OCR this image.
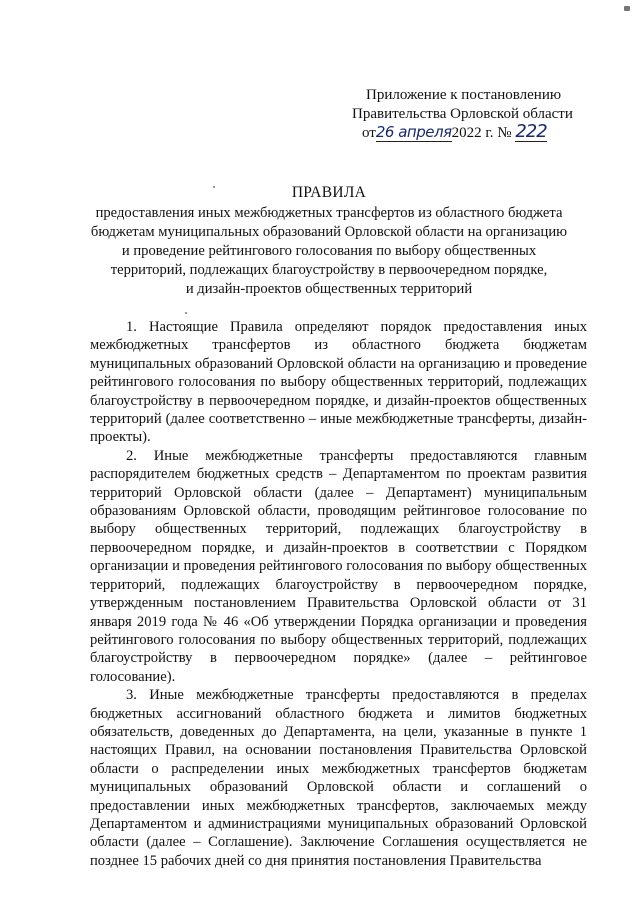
Приложение к постановлению
Правительства Орловской области
от26 апреля2022 г. № 222
ПРАВИЛА
предоставления иных межбюджетных трансфертов из областного бюджета
бюджетам муниципальных образований Орловской области на организацию
и проведение рейтингового голосования по выбору общественных
территорий, подлежащих благоустройству в первоочередном порядке,
и дизайн-проектов общественных территорий

1. Настоящие Правила определяют порядок предоставления иных межбюджетных трансфертов из областного бюджета бюджетам муниципальных образований Орловской области на организацию и проведение рейтингового голосования по выбору общественных территорий, подлежащих благоустройству в первоочередном порядке, и дизайн-проектов общественных территорий (далее соответственно – иные межбюджетные трансферты, дизайн-проекты).

2. Иные межбюджетные трансферты предоставляются главным распорядителем бюджетных средств – Департаментом по проектам развития территорий Орловской области (далее – Департамент) муниципальным образованиям Орловской области, проводящим рейтинговое голосование по выбору общественных территорий, подлежащих благоустройству в первоочередном порядке, и дизайн-проектов в соответствии с Порядком организации и проведения рейтингового голосования по выбору общественных территорий, подлежащих благоустройству в первоочередном порядке, утвержденным постановлением Правительства Орловской области от 31 января 2019 года № 46 «Об утверждении Порядка организации и проведения рейтингового голосования по выбору общественных территорий, подлежащих благоустройству в первоочередном порядке» (далее – рейтинговое голосование).

3. Иные межбюджетные трансферты предоставляются в пределах бюджетных ассигнований областного бюджета и лимитов бюджетных обязательств, доведенных до Департамента, на цели, указанные в пункте 1 настоящих Правил, на основании постановления Правительства Орловской области о распределении иных межбюджетных трансфертов бюджетам муниципальных образований Орловской области и соглашений о предоставлении иных межбюджетных трансфертов, заключаемых между Департаментом и администрациями муниципальных образований Орловской области (далее – Соглашение). Заключение Соглашения осуществляется не позднее 15 рабочих дней со дня принятия постановления Правительства
